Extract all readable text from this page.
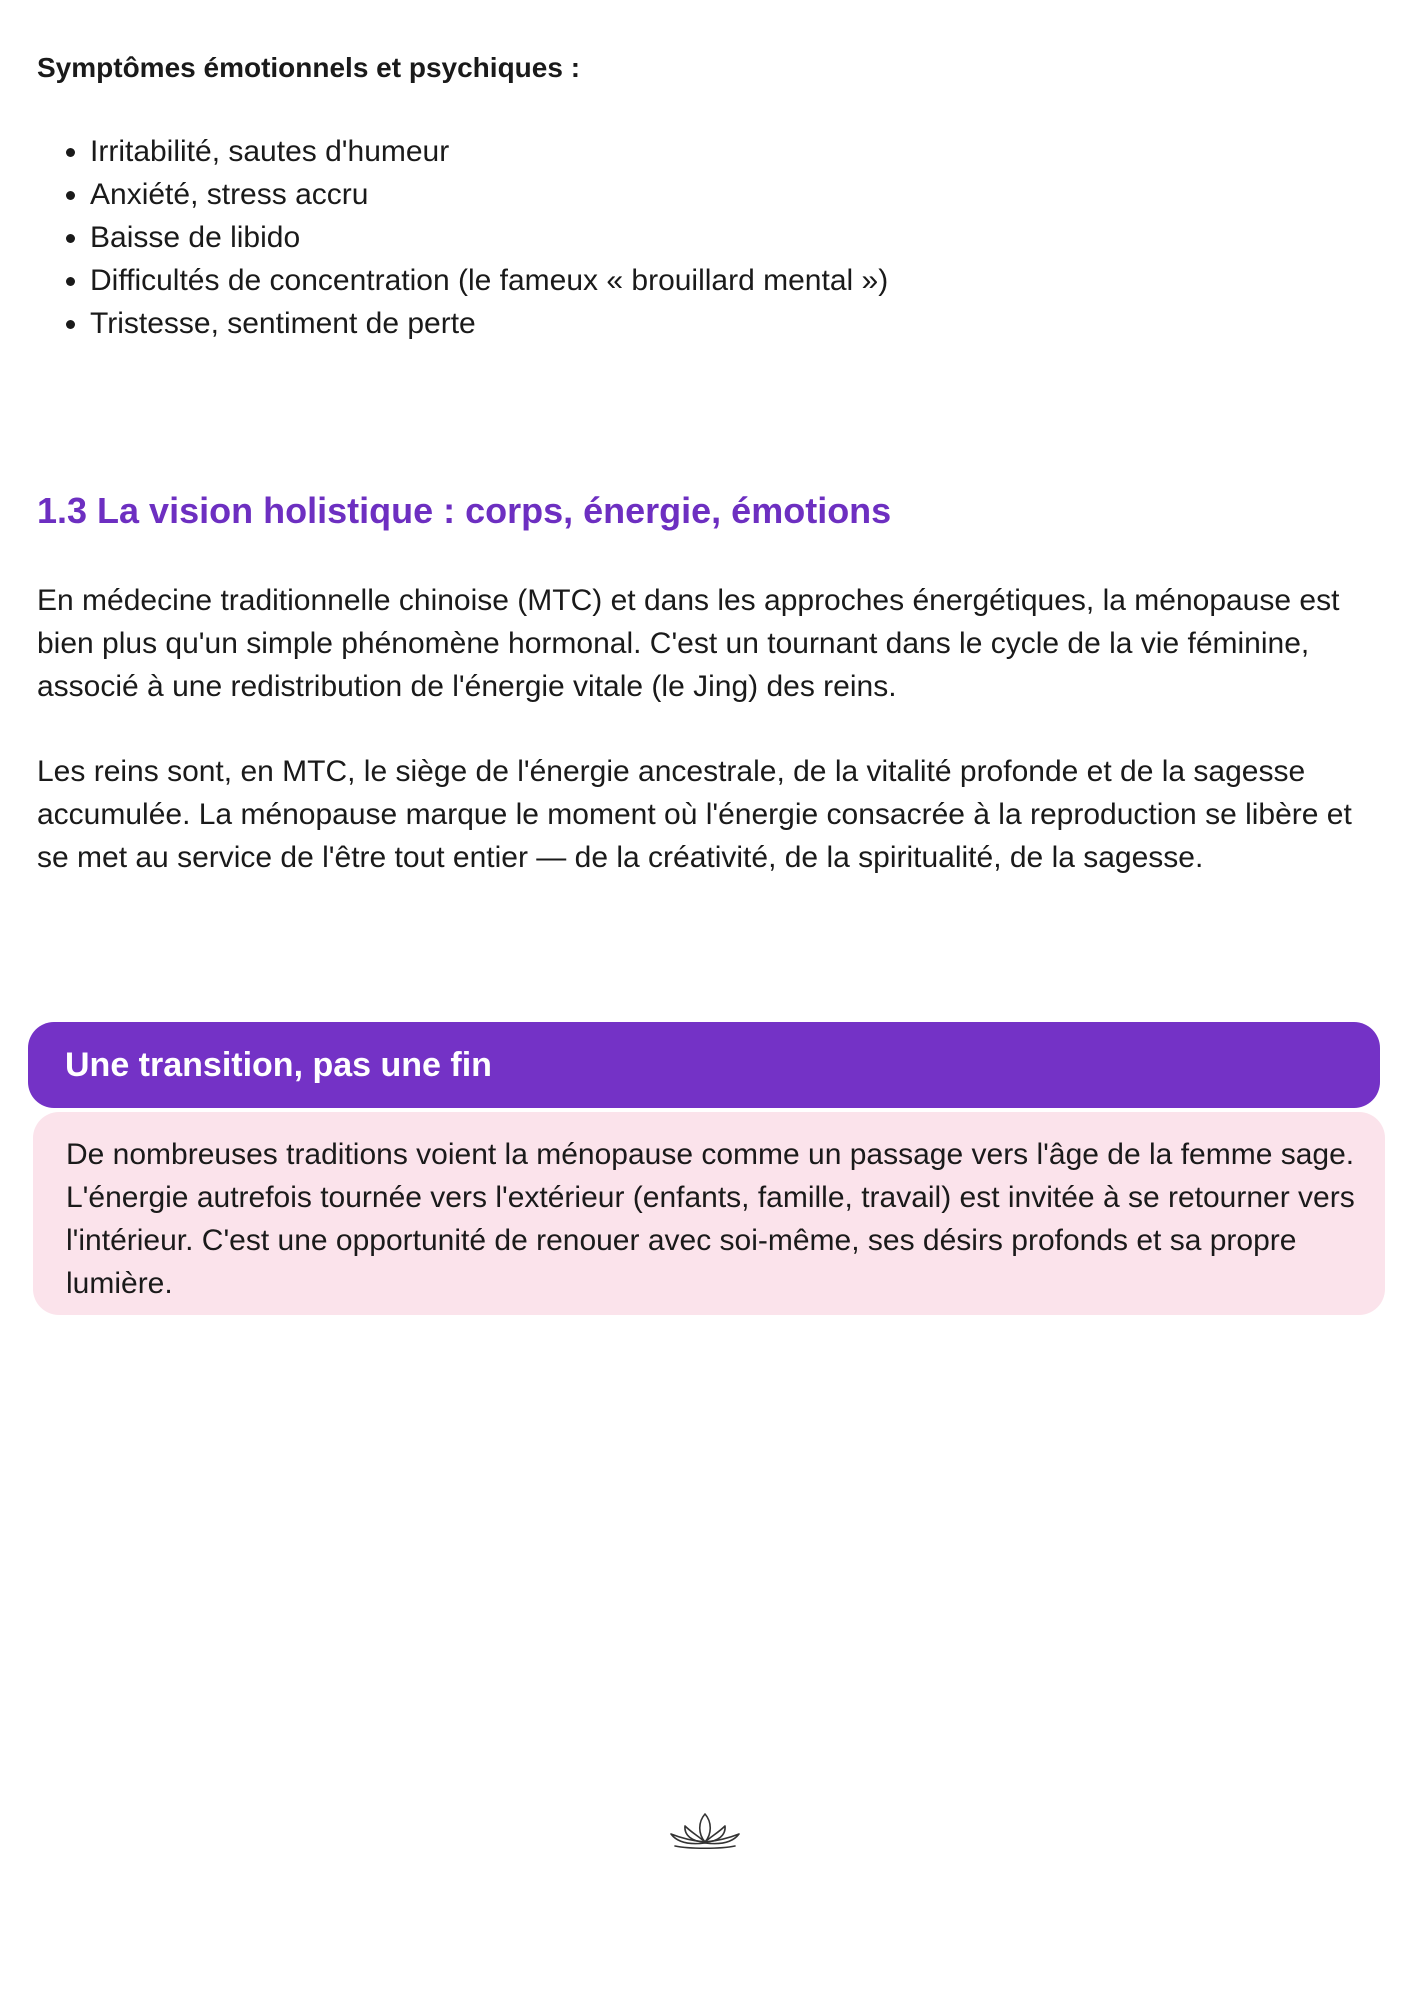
Symptômes émotionnels et psychiques :
• Irritabilité, sautes d'humeur
• Anxiété, stress accru
• Baisse de libido
• Difficultés de concentration (le fameux « brouillard mental »)
• Tristesse, sentiment de perte
1.3 La vision holistique : corps, énergie, émotions

En médecine traditionnelle chinoise (MTC) et dans les approches énergétiques, la ménopause est bien plus qu'un simple phénomène hormonal. C'est un tournant dans le cycle de la vie féminine, associé à une redistribution de l'énergie vitale (le Jing) des reins.

Les reins sont, en MTC, le siège de l'énergie ancestrale, de la vitalité profonde et de la sagesse accumulée. La ménopause marque le moment où l'énergie consacrée à la reproduction se libère et se met au service de l'être tout entier — de la créativité, de la spiritualité, de la sagesse.

Une transition, pas une fin

De nombreuses traditions voient la ménopause comme un passage vers l'âge de la femme sage. L'énergie autrefois tournée vers l'extérieur (enfants, famille, travail) est invitée à se retourner vers l'intérieur. C'est une opportunité de renouer avec soi-même, ses désirs profonds et sa propre lumière.
